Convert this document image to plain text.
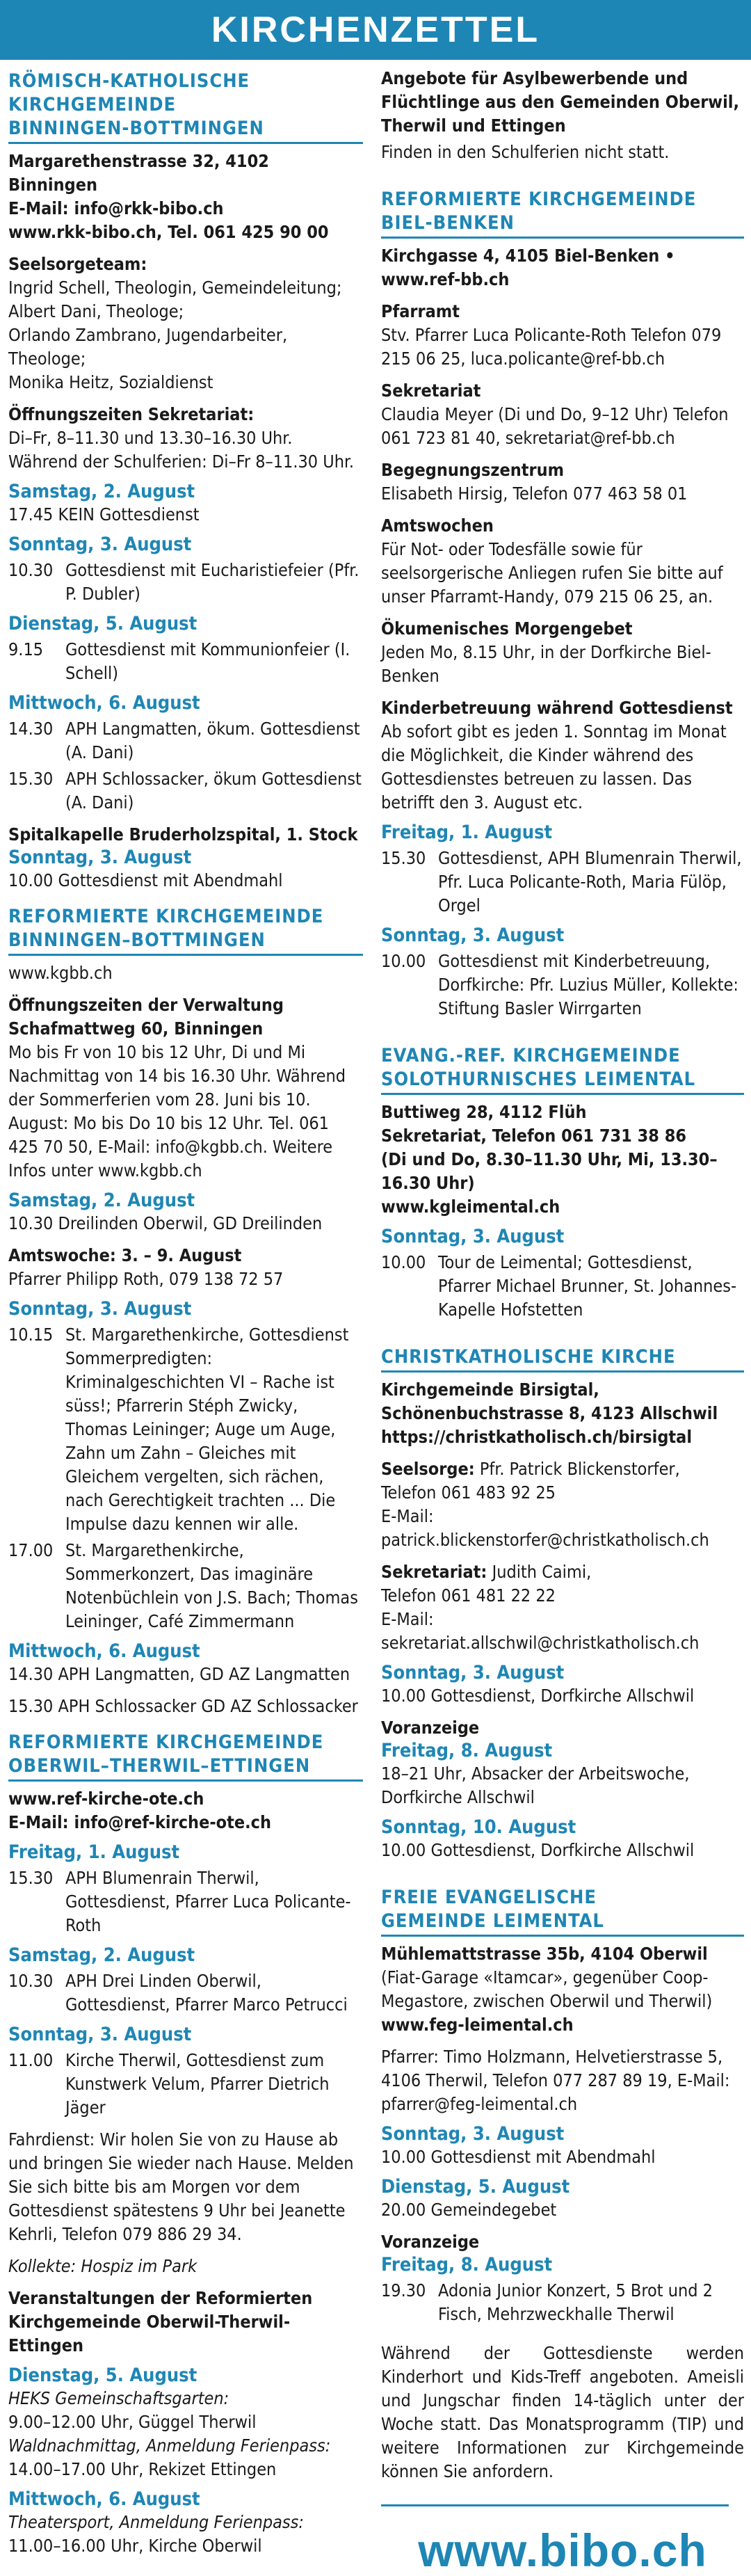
KIRCHENZETTEL
RÖMISCH-KATHOLISCHE
KIRCHGEMEINDE
BINNINGEN-BOTTMINGEN
Margarethenstrasse 32, 4102 Binningen
E-Mail: info@rkk-bibo.ch
www.rkk-bibo.ch, Tel. 061 425 90 00
Seelsorgeteam:
Ingrid Schell, Theologin, Gemeindeleitung;
Albert Dani, Theologe;
Orlando Zambrano, Jugendarbeiter, Theologe;
Monika Heitz, Sozialdienst
Öffnungszeiten Sekretariat:
Di–Fr, 8–11.30 und 13.30–16.30 Uhr.
Während der Schulferien: Di–Fr 8–11.30 Uhr.
Samstag, 2. August
17.45 KEIN Gottesdienst
Sonntag, 3. August
10.30 Gottesdienst mit Eucharistiefeier (Pfr. P. Dubler)
Dienstag, 5. August
9.15	Gottesdienst mit Kommunionfeier (I. Schell)
Mittwoch, 6. August
14.30 APH Langmatten, ökum. Gottesdienst (A. Dani)
15.30 APH Schlossacker, ökum Gottesdienst (A. Dani)
Spitalkapelle Bruderholzspital, 1. Stock
Sonntag, 3. August
10.00 Gottesdienst mit Abendmahl
REFORMIERTE KIRCHGEMEINDE
BINNINGEN–BOTTMINGEN
www.kgbb.ch
Öffnungszeiten der Verwaltung
Schafmattweg 60, Binningen
Mo bis Fr von 10 bis 12 Uhr, Di und Mi Nachmittag von 14 bis 16.30 Uhr. Während der Sommerferien vom 28. Juni bis 10. August: Mo bis Do 10 bis 12 Uhr. Tel. 061 425 70 50, E-Mail: info@kgbb.ch. Weitere Infos unter www.kgbb.ch
Samstag, 2. August
10.30 Dreilinden Oberwil, GD Dreilinden
Amtswoche: 3. – 9. August
Pfarrer Philipp Roth, 079 138 72 57
Sonntag, 3. August
10.15 St. Margarethenkirche, Gottesdienst Sommerpredigten: Kriminalgeschichten VI – Rache ist süss!; Pfarrerin Stéph Zwicky, Thomas Leininger; Auge um Auge, Zahn um Zahn – Gleiches mit Gleichem vergelten, sich rächen, nach Gerechtigkeit trachten ... Die Impulse dazu kennen wir alle.
17.00 St. Margarethenkirche, Sommerkonzert, Das imaginäre Notenbüchlein von J.S. Bach; Thomas Leininger, Café Zimmermann
Mittwoch, 6. August
14.30 APH Langmatten, GD AZ Langmatten
15.30 APH Schlossacker GD AZ Schlossacker
REFORMIERTE KIRCHGEMEINDE
OBERWIL–THERWIL–ETTINGEN
www.ref-kirche-ote.ch
E-Mail: info@ref-kirche-ote.ch
Freitag, 1. August
15.30 APH Blumenrain Therwil, Gottesdienst, Pfarrer Luca Policante-Roth
Samstag, 2. August
10.30 APH Drei Linden Oberwil, Gottesdienst, Pfarrer Marco Petrucci
Sonntag, 3. August
11.00 Kirche Therwil, Gottesdienst zum Kunstwerk Velum, Pfarrer Dietrich Jäger
Fahrdienst: Wir holen Sie von zu Hause ab und bringen Sie wieder nach Hause. Melden Sie sich bitte bis am Morgen vor dem Gottesdienst spätestens 9 Uhr bei Jeanette Kehrli, Telefon 079 886 29 34.
Kollekte: Hospiz im Park
Veranstaltungen der Reformierten Kirchgemeinde Oberwil-Therwil-Ettingen
Dienstag, 5. August
HEKS Gemeinschaftsgarten:
9.00–12.00 Uhr, Güggel Therwil
Waldnachmittag, Anmeldung Ferienpass:
14.00–17.00 Uhr, Rekizet Ettingen
Mittwoch, 6. August
Theatersport, Anmeldung Ferienpass:
11.00–16.00 Uhr, Kirche Oberwil
Angebote für Asylbewerbende und Flüchtlinge aus den Gemeinden Oberwil, Therwil und Ettingen
Finden in den Schulferien nicht statt.
REFORMIERTE KIRCHGEMEINDE
BIEL-BENKEN
Kirchgasse 4, 4105 Biel-Benken • www.ref-bb.ch
Pfarramt
Stv. Pfarrer Luca Policante-Roth Telefon 079 215 06 25, luca.policante@ref-bb.ch
Sekretariat
Claudia Meyer (Di und Do, 9–12 Uhr) Telefon 061 723 81 40, sekretariat@ref-bb.ch
Begegnungszentrum
Elisabeth Hirsig, Telefon 077 463 58 01
Amtswochen
Für Not- oder Todesfälle sowie für seelsorgerische Anliegen rufen Sie bitte auf unser Pfarramt-Handy, 079 215 06 25, an.
Ökumenisches Morgengebet
Jeden Mo, 8.15 Uhr, in der Dorfkirche Biel-Benken
Kinderbetreuung während Gottesdienst
Ab sofort gibt es jeden 1. Sonntag im Monat die Möglichkeit, die Kinder während des Gottesdienstes betreuen zu lassen. Das betrifft den 3. August etc.
Freitag, 1. August
15.30 Gottesdienst, APH Blumenrain Therwil, Pfr. Luca Policante-Roth, Maria Fülöp, Orgel
Sonntag, 3. August
10.00 Gottesdienst mit Kinderbetreuung, Dorfkirche: Pfr. Luzius Müller, Kollekte: Stiftung Basler Wirrgarten
EVANG.-REF. KIRCHGEMEINDE
SOLOTHURNISCHES LEIMENTAL
Buttiweg 28, 4112 Flüh
Sekretariat, Telefon 061 731 38 86
(Di und Do, 8.30–11.30 Uhr, Mi, 13.30–16.30 Uhr)
www.kgleimental.ch
Sonntag, 3. August
10.00 Tour de Leimental; Gottesdienst, Pfarrer Michael Brunner, St. Johannes-Kapelle Hofstetten
CHRISTKATHOLISCHE KIRCHE
Kirchgemeinde Birsigtal,
Schönenbuchstrasse 8, 4123 Allschwil
https://christkatholisch.ch/birsigtal
Seelsorge: Pfr. Patrick Blickenstorfer,
Telefon 061 483 92 25
E-Mail: patrick.blickenstorfer@christkatholisch.ch
Sekretariat: Judith Caimi,
Telefon 061 481 22 22
E-Mail: sekretariat.allschwil@christkatholisch.ch
Sonntag, 3. August
10.00 Gottesdienst, Dorfkirche Allschwil
Voranzeige
Freitag, 8. August
18–21 Uhr, Absacker der Arbeitswoche, Dorfkirche Allschwil
Sonntag, 10. August
10.00 Gottesdienst, Dorfkirche Allschwil
FREIE EVANGELISCHE
GEMEINDE LEIMENTAL
Mühlemattstrasse 35b, 4104 Oberwil
(Fiat-Garage «Itamcar», gegenüber Coop-Megastore, zwischen Oberwil und Therwil)
www.feg-leimental.ch
Pfarrer: Timo Holzmann, Helvetierstrasse 5, 4106 Therwil, Telefon 077 287 89 19, E-Mail: pfarrer@feg-leimental.ch
Sonntag, 3. August
10.00 Gottesdienst mit Abendmahl
Dienstag, 5. August
20.00 Gemeindegebet
Voranzeige
Freitag, 8. August
19.30 Adonia Junior Konzert, 5 Brot und 2 Fisch, Mehrzweckhalle Therwil
Während der Gottesdienste werden Kinderhort und Kids-Treff angeboten. Ameisli und Jungschar finden 14-täglich unter der Woche statt. Das Monatsprogramm (TIP) und weitere Informationen zur Kirchgemeinde können Sie anfordern.
www.bibo.ch
